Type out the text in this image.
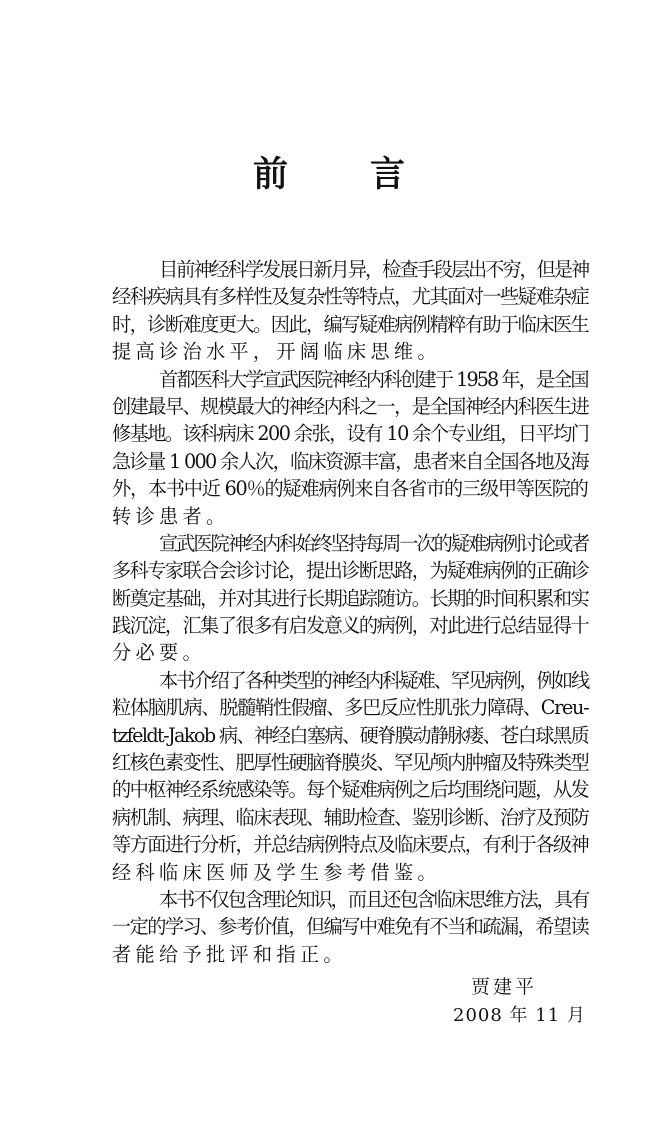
前 言
目前神经科学发展日新月异，检查手段层出不穷，但是神
经科疾病具有多样性及复杂性等特点，尤其面对一些疑难杂症
时，诊断难度更大。因此，编写疑难病例精粹有助于临床医生
提高诊治水平，开阔临床思维。
首都医科大学宣武医院神经内科创建于 1958 年，是全国
创建最早、规模最大的神经内科之一，是全国神经内科医生进
修基地。该科病床 200 余张，设有 10 余个专业组，日平均门
急诊量 1 000 余人次，临床资源丰富，患者来自全国各地及海
外，本书中近 60％的疑难病例来自各省市的三级甲等医院的
转诊患者。
宣武医院神经内科始终坚持每周一次的疑难病例讨论或者
多科专家联合会诊讨论，提出诊断思路，为疑难病例的正确诊
断奠定基础，并对其进行长期追踪随访。长期的时间积累和实
践沉淀，汇集了很多有启发意义的病例，对此进行总结显得十
分必要。
本书介绍了各种类型的神经内科疑难、罕见病例，例如线
粒体脑肌病、脱髓鞘性假瘤、多巴反应性肌张力障碍、Creu-
tzfeldt-Jakob 病、神经白塞病、硬脊膜动静脉瘘、苍白球黑质
红核色素变性、肥厚性硬脑脊膜炎、罕见颅内肿瘤及特殊类型
的中枢神经系统感染等。每个疑难病例之后均围绕问题，从发
病机制、病理、临床表现、辅助检查、鉴别诊断、治疗及预防
等方面进行分析，并总结病例特点及临床要点，有利于各级神
经科临床医师及学生参考借鉴。
本书不仅包含理论知识，而且还包含临床思维方法，具有
一定的学习、参考价值，但编写中难免有不当和疏漏，希望读
者能给予批评和指正。
贾建平
2008 年 11 月
